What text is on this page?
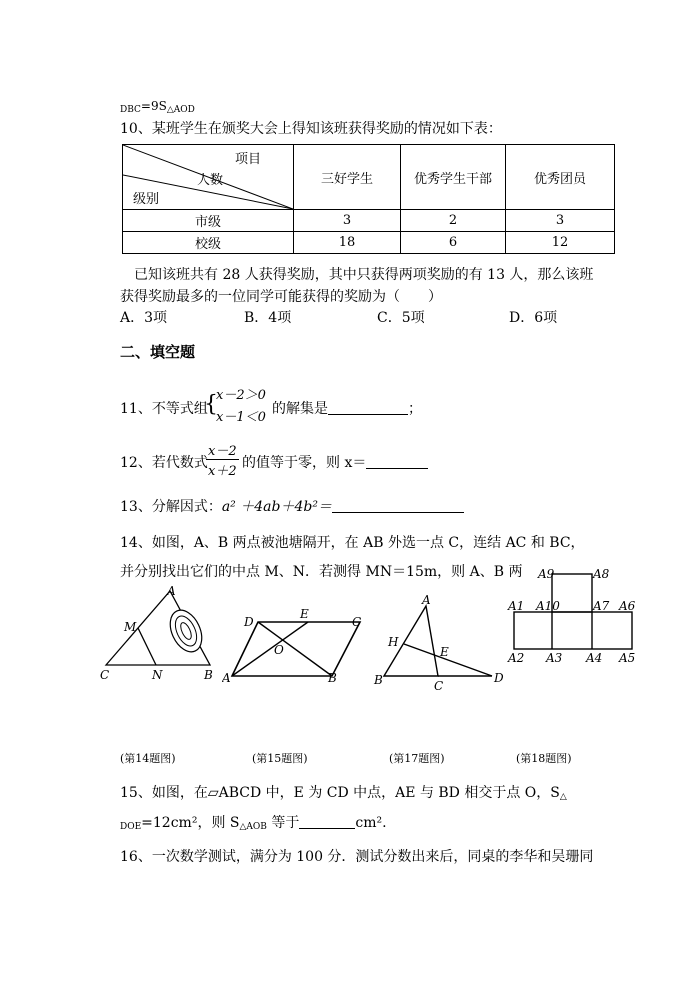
$_{DBC}=9S_{\triangle AOD}$
10、某班学生在颁奖大会上得知该班获得奖励的情况如下表：
项目
人数
级别	三好学生	优秀学生干部	优秀团员
市级	3	2	3
校级	18	6	12
已知该班共有 28 人获得奖励，其中只获得两项奖励的有 13 人，那么该班
获得奖励最多的一位同学可能获得的奖励为（　　）
A．3项	B．4项	C．5项	D．6项
二、填空题
11、不等式组
{
x－2＞0
x－1＜0
的解集是	；
12、若代数式
$\frac{x-2}{x+2}$ 的值等于零，则 x＝
13、分解因式：a² ＋4ab＋4b²＝
14、如图，A、B 两点被池塘隔开，在 AB 外选一点 C，连结 AC 和 BC，
并分别找出它们的中点 M、N．若测得 MN＝15m，则 A、B 两
A
M
C	N	B
D
E
C
O
A	B
A
H
E
B	C
D
A9	A8
A1 A10	A7 A6
A2 A3 A4 A5
(第14题图)	(第15题图)	(第17题图)	(第18题图)
15、如图，在▱ABCD 中，E 为 CD 中点，AE 与 BD 相交于点 O，$S_\triangle$
$_{DOE}$=12cm²，则 $S_{\triangle AOB}$ 等于	cm².
16、一次数学测试，满分为 100 分．测试分数出来后，同桌的李华和吴珊同
